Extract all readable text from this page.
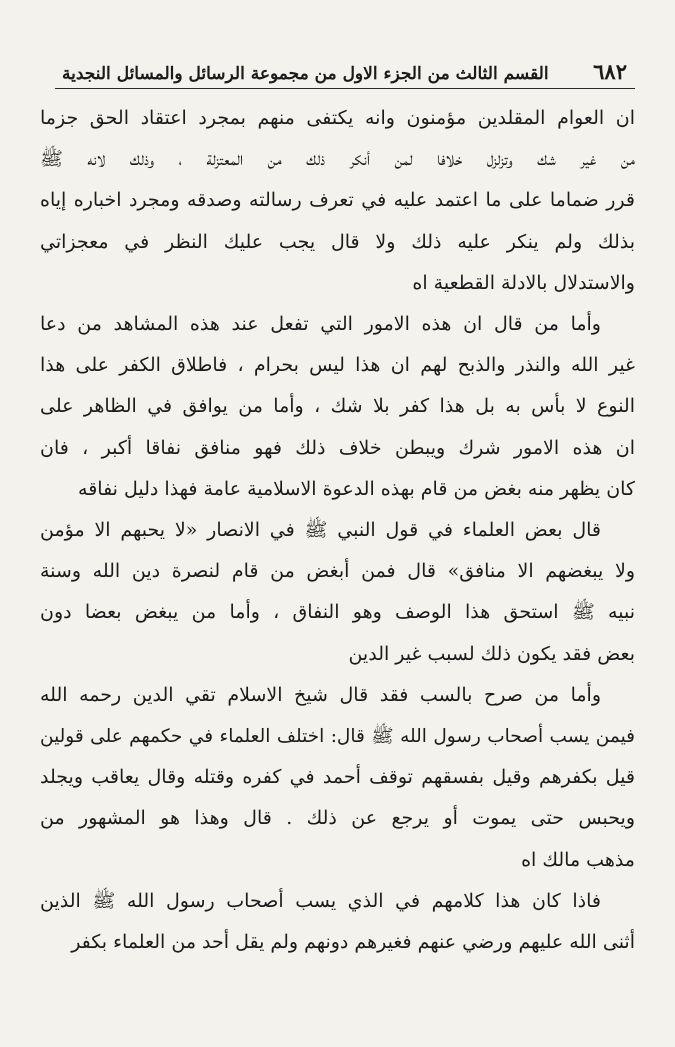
٦٨٢
القسم الثالث من الجزء الاول من مجموعة الرسائل والمسائل النجدية

ان العوام المقلدين مؤمنون وانه يكتفى منهم بمجرد اعتقاد الحق جزما
من غير شك وتزلزل خلافا لمن أنكر ذلك من المعتزلة ، وذلك لانه ﷺ
قرر ضماما على ما اعتمد عليه في تعرف رسالته وصدقه ومجرد اخباره إياه
بذلك ولم ينكر عليه ذلك ولا قال يجب عليك النظر في معجزاتي
والاستدلال بالادلة القطعية اه

وأما من قال ان هذه الامور التي تفعل عند هذه المشاهد من دعا
غير الله والنذر والذبح لهم ان هذا ليس بحرام ، فاطلاق الكفر على هذا
النوع لا بأس به بل هذا كفر بلا شك ، وأما من يوافق في الظاهر على
ان هذه الامور شرك ويبطن خلاف ذلك فهو منافق نفاقا أكبر ، فان
كان يظهر منه بغض من قام بهذه الدعوة الاسلامية عامة فهذا دليل نفاقه

قال بعض العلماء في قول النبي ﷺ في الانصار «لا يحبهم الا مؤمن
ولا يبغضهم الا منافق» قال فمن أبغض من قام لنصرة دين الله وسنة
نبيه ﷺ استحق هذا الوصف وهو النفاق ، وأما من يبغض بعضا دون
بعض فقد يكون ذلك لسبب غير الدين

وأما من صرح بالسب فقد قال شيخ الاسلام تقي الدين رحمه الله
فيمن يسب أصحاب رسول الله ﷺ قال: اختلف العلماء في حكمهم على قولين
قيل بكفرهم وقيل بفسقهم توقف أحمد في كفره وقتله وقال يعاقب ويجلد
ويحبس حتى يموت أو يرجع عن ذلك . قال وهذا هو المشهور من
مذهب مالك اه

فاذا كان هذا كلامهم في الذي يسب أصحاب رسول الله ﷺ الذين
أثنى الله عليهم ورضي عنهم فغيرهم دونهم ولم يقل أحد من العلماء بكفر
